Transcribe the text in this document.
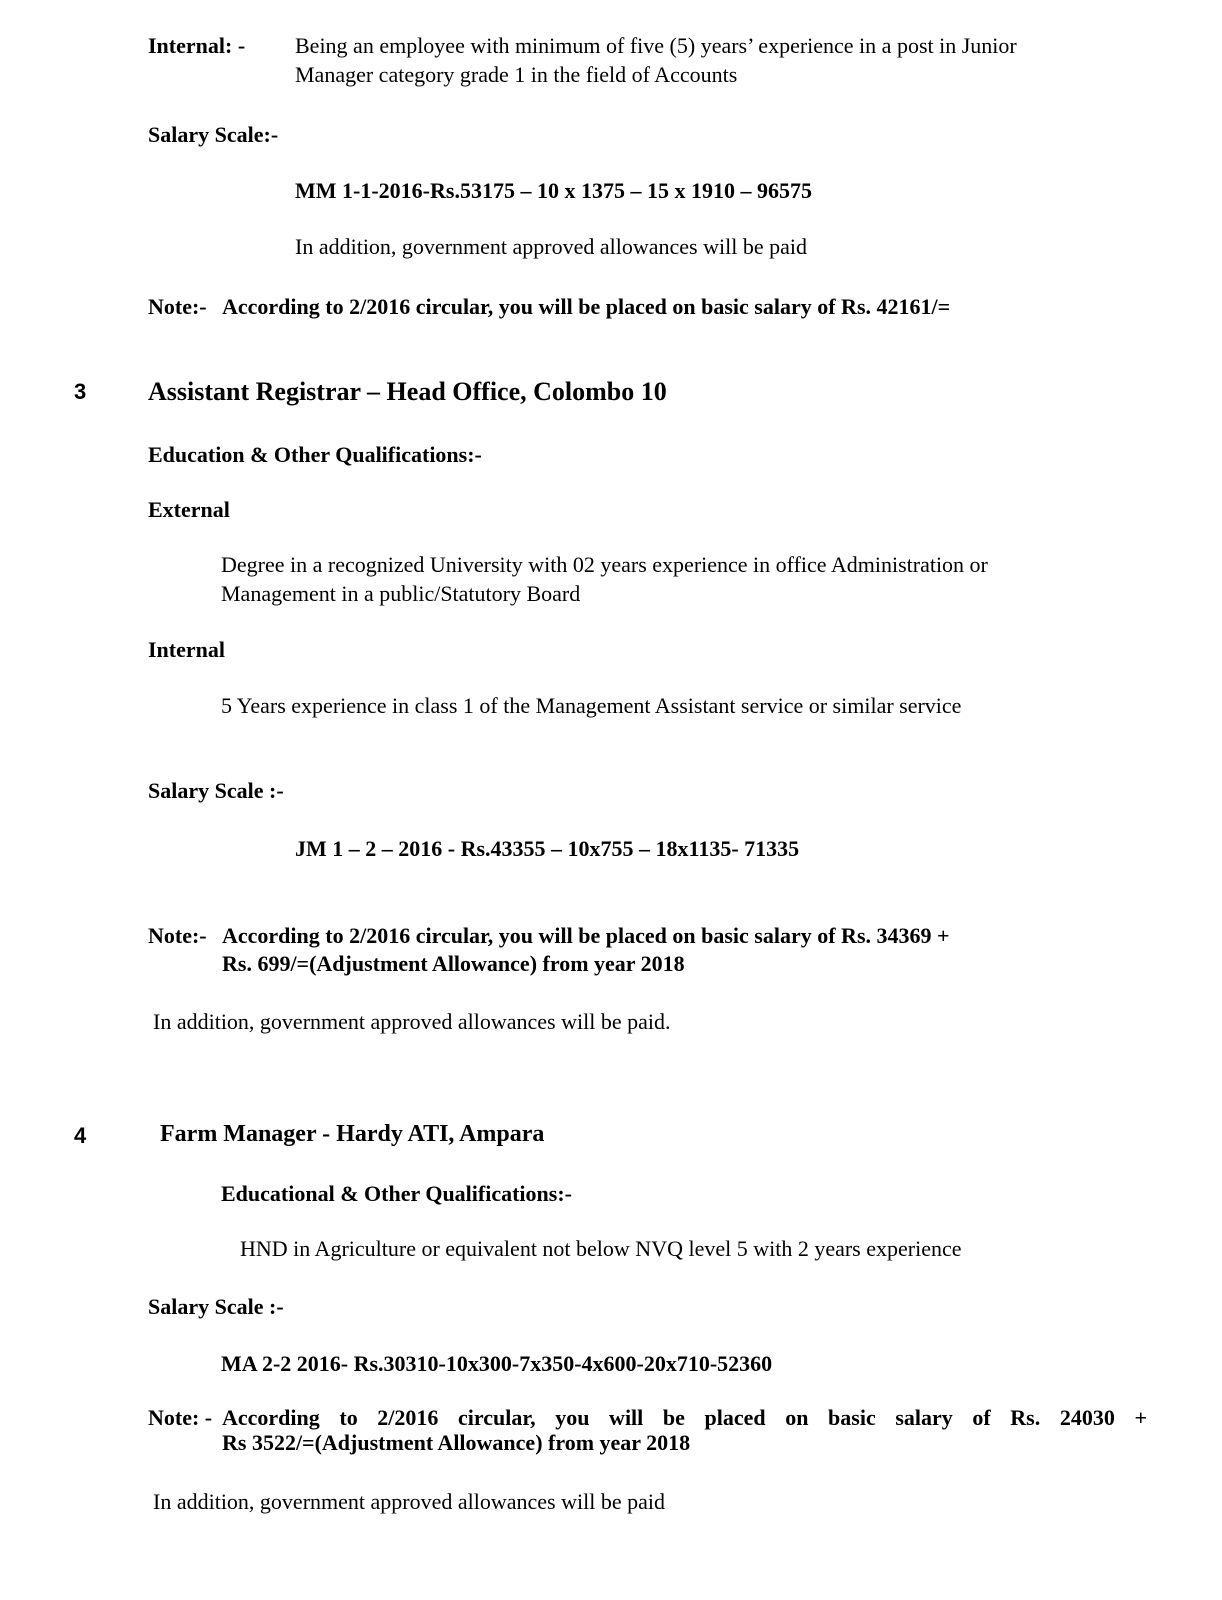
Internal: - Being an employee with minimum of five (5) years’ experience in a post in Junior
Manager category grade 1 in the field of Accounts
Salary Scale:-
MM 1-1-2016-Rs.53175 – 10 x 1375 – 15 x 1910 – 96575
In addition, government approved allowances will be paid
Note:- According to 2/2016 circular, you will be placed on basic salary of Rs. 42161/=
3 Assistant Registrar – Head Office, Colombo 10
Education & Other Qualifications:-
External
Degree in a recognized University with 02 years experience in office Administration or
Management in a public/Statutory Board
Internal
5 Years experience in class 1 of the Management Assistant service or similar service
Salary Scale :-
JM 1 – 2 – 2016 - Rs.43355 – 10x755 – 18x1135- 71335
Note:- According to 2/2016 circular, you will be placed on basic salary of Rs. 34369 +
Rs. 699/=(Adjustment Allowance) from year 2018
In addition, government approved allowances will be paid.
4	Farm Manager - Hardy ATI, Ampara
Educational & Other Qualifications:-
HND in Agriculture or equivalent not below NVQ level 5 with 2 years experience
Salary Scale :-
MA 2-2 2016- Rs.30310-10x300-7x350-4x600-20x710-52360
Note: - According to 2/2016 circular, you will be placed on basic salary of Rs. 24030 +
Rs 3522/=(Adjustment Allowance) from year 2018
In addition, government approved allowances will be paid
